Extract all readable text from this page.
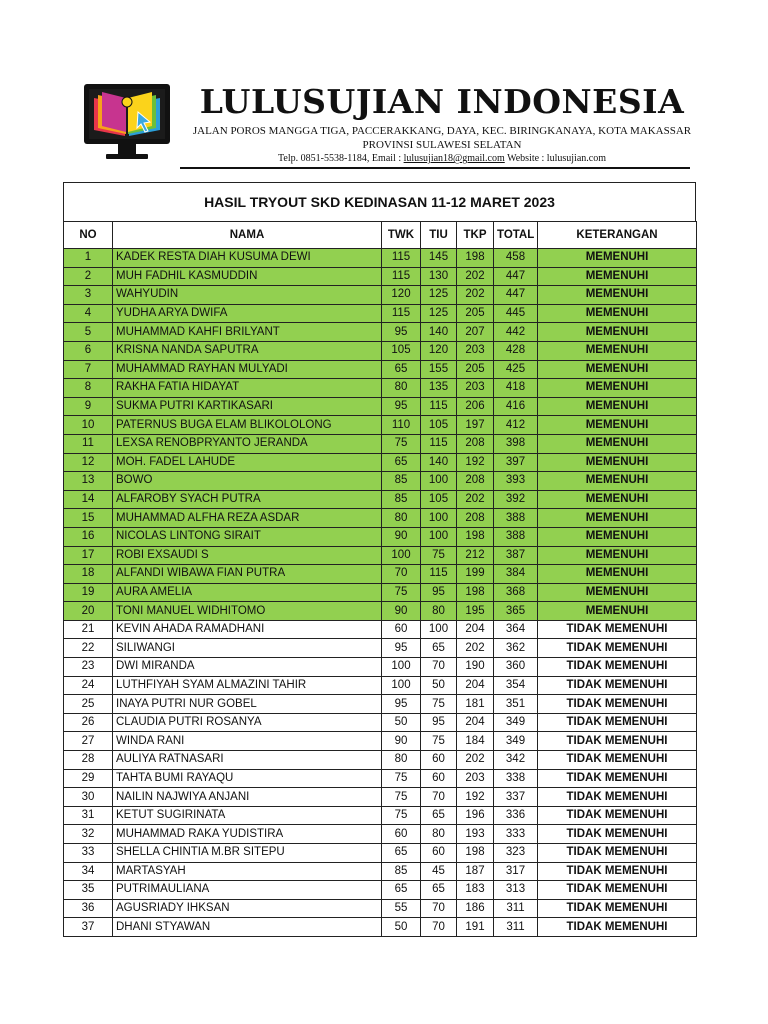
LULUSUJIAN INDONESIA
JALAN POROS MANGGA TIGA, PACCERAKKANG, DAYA, KEC. BIRINGKANAYA, KOTA MAKASSAR
PROVINSI SULAWESI SELATAN
Telp. 0851-5538-1184, Email : lulusujian18@gmail.com Website : lulusujian.com
HASIL TRYOUT SKD KEDINASAN 11-12 MARET 2023
NO	NAMA	TWK	TIU	TKP	TOTAL	KETERANGAN
1	KADEK RESTA DIAH KUSUMA DEWI	115	145	198	458	MEMENUHI
2	MUH FADHIL KASMUDDIN	115	130	202	447	MEMENUHI
3	WAHYUDIN	120	125	202	447	MEMENUHI
4	YUDHA ARYA DWIFA	115	125	205	445	MEMENUHI
5	MUHAMMAD KAHFI BRILYANT	95	140	207	442	MEMENUHI
6	KRISNA NANDA SAPUTRA	105	120	203	428	MEMENUHI
7	MUHAMMAD RAYHAN MULYADI	65	155	205	425	MEMENUHI
8	RAKHA FATIA HIDAYAT	80	135	203	418	MEMENUHI
9	SUKMA PUTRI KARTIKASARI	95	115	206	416	MEMENUHI
10	PATERNUS BUGA ELAM BLIKOLOLONG	110	105	197	412	MEMENUHI
11	LEXSA RENOBPRYANTO JERANDA	75	115	208	398	MEMENUHI
12	MOH. FADEL LAHUDE	65	140	192	397	MEMENUHI
13	BOWO	85	100	208	393	MEMENUHI
14	ALFAROBY SYACH PUTRA	85	105	202	392	MEMENUHI
15	MUHAMMAD ALFHA REZA ASDAR	80	100	208	388	MEMENUHI
16	NICOLAS LINTONG SIRAIT	90	100	198	388	MEMENUHI
17	ROBI EXSAUDI S	100	75	212	387	MEMENUHI
18	ALFANDI WIBAWA FIAN PUTRA	70	115	199	384	MEMENUHI
19	AURA AMELIA	75	95	198	368	MEMENUHI
20	TONI MANUEL WIDHITOMO	90	80	195	365	MEMENUHI
21	KEVIN AHADA RAMADHANI	60	100	204	364	TIDAK MEMENUHI
22	SILIWANGI	95	65	202	362	TIDAK MEMENUHI
23	DWI MIRANDA	100	70	190	360	TIDAK MEMENUHI
24	LUTHFIYAH SYAM ALMAZINI TAHIR	100	50	204	354	TIDAK MEMENUHI
25	INAYA PUTRI NUR GOBEL	95	75	181	351	TIDAK MEMENUHI
26	CLAUDIA PUTRI ROSANYA	50	95	204	349	TIDAK MEMENUHI
27	WINDA RANI	90	75	184	349	TIDAK MEMENUHI
28	AULIYA RATNASARI	80	60	202	342	TIDAK MEMENUHI
29	TAHTA BUMI RAYAQU	75	60	203	338	TIDAK MEMENUHI
30	NAILIN NAJWIYA ANJANI	75	70	192	337	TIDAK MEMENUHI
31	KETUT SUGIRINATA	75	65	196	336	TIDAK MEMENUHI
32	MUHAMMAD RAKA YUDISTIRA	60	80	193	333	TIDAK MEMENUHI
33	SHELLA CHINTIA M.BR SITEPU	65	60	198	323	TIDAK MEMENUHI
34	MARTASYAH	85	45	187	317	TIDAK MEMENUHI
35	PUTRIMAULIANA	65	65	183	313	TIDAK MEMENUHI
36	AGUSRIADY IHKSAN	55	70	186	311	TIDAK MEMENUHI
37	DHANI STYAWAN	50	70	191	311	TIDAK MEMENUHI
